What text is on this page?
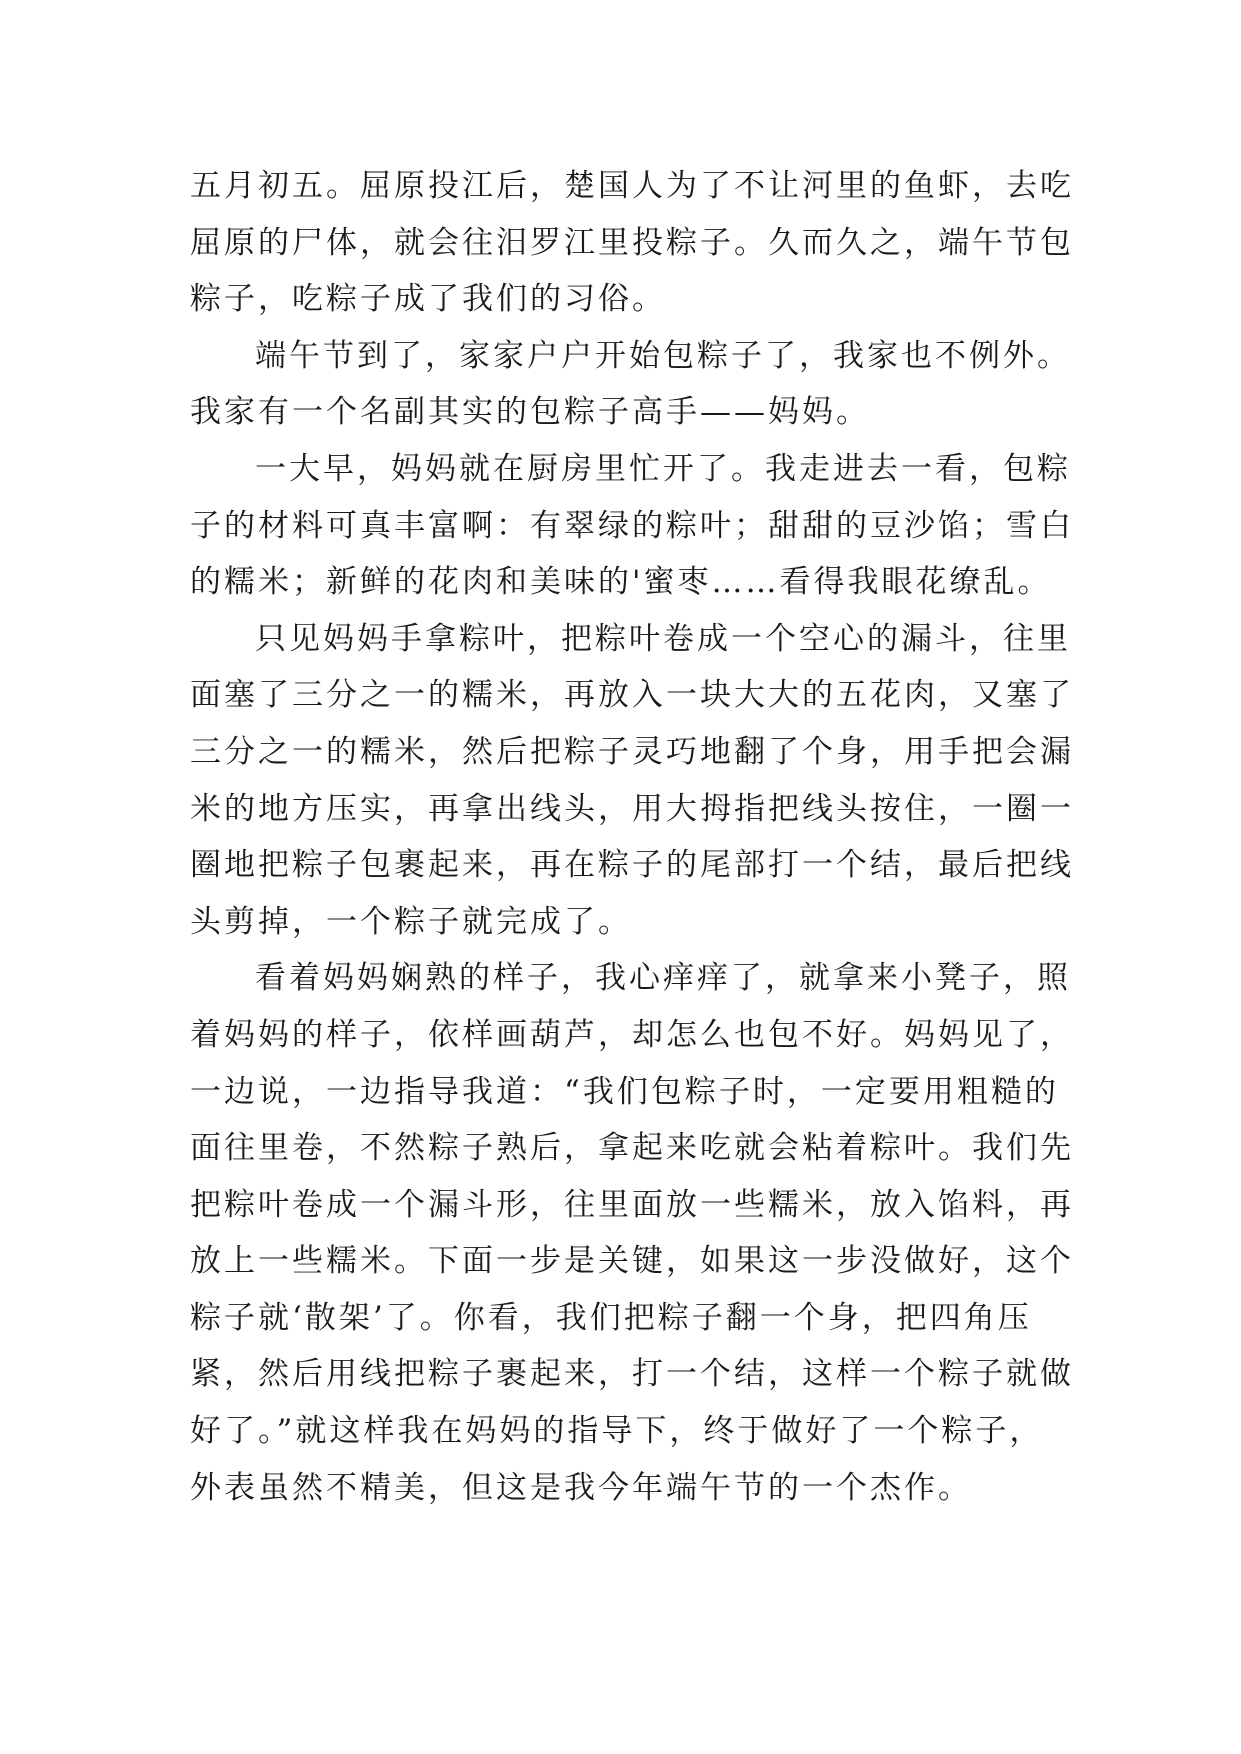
五月初五。屈原投江后，楚国人为了不让河里的鱼虾，去吃
屈原的尸体，就会往汨罗江里投粽子。久而久之，端午节包
粽子，吃粽子成了我们的习俗。
端午节到了，家家户户开始包粽子了，我家也不例外。
我家有一个名副其实的包粽子高手——妈妈。
一大早，妈妈就在厨房里忙开了。我走进去一看，包粽
子的材料可真丰富啊：有翠绿的粽叶；甜甜的豆沙馅；雪白
的糯米；新鲜的花肉和美味的'蜜枣……看得我眼花缭乱。
只见妈妈手拿粽叶，把粽叶卷成一个空心的漏斗，往里
面塞了三分之一的糯米，再放入一块大大的五花肉，又塞了
三分之一的糯米，然后把粽子灵巧地翻了个身，用手把会漏
米的地方压实，再拿出线头，用大拇指把线头按住，一圈一
圈地把粽子包裹起来，再在粽子的尾部打一个结，最后把线
头剪掉，一个粽子就完成了。
看着妈妈娴熟的样子，我心痒痒了，就拿来小凳子，照
着妈妈的样子，依样画葫芦，却怎么也包不好。妈妈见了，
一边说，一边指导我道：“我们包粽子时，一定要用粗糙的
面往里卷，不然粽子熟后，拿起来吃就会粘着粽叶。我们先
把粽叶卷成一个漏斗形，往里面放一些糯米，放入馅料，再
放上一些糯米。下面一步是关键，如果这一步没做好，这个
粽子就‘散架’了。你看，我们把粽子翻一个身，把四角压
紧，然后用线把粽子裹起来，打一个结，这样一个粽子就做
好了。”就这样我在妈妈的指导下，终于做好了一个粽子，
外表虽然不精美，但这是我今年端午节的一个杰作。
